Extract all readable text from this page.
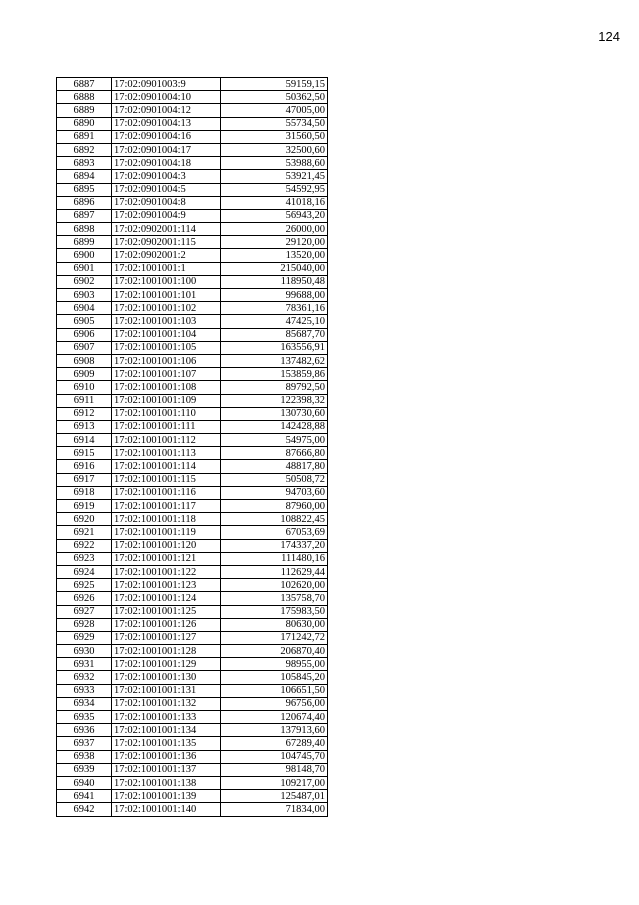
124
6887	17:02:0901003:9	59159,15
6888	17:02:0901004:10	50362,50
6889	17:02:0901004:12	47005,00
6890	17:02:0901004:13	55734,50
6891	17:02:0901004:16	31560,50
6892	17:02:0901004:17	32500,60
6893	17:02:0901004:18	53988,60
6894	17:02:0901004:3	53921,45
6895	17:02:0901004:5	54592,95
6896	17:02:0901004:8	41018,16
6897	17:02:0901004:9	56943,20
6898	17:02:0902001:114	26000,00
6899	17:02:0902001:115	29120,00
6900	17:02:0902001:2	13520,00
6901	17:02:1001001:1	215040,00
6902	17:02:1001001:100	118950,48
6903	17:02:1001001:101	99688,00
6904	17:02:1001001:102	78361,16
6905	17:02:1001001:103	47425,10
6906	17:02:1001001:104	85687,70
6907	17:02:1001001:105	163556,91
6908	17:02:1001001:106	137482,62
6909	17:02:1001001:107	153859,86
6910	17:02:1001001:108	89792,50
6911	17:02:1001001:109	122398,32
6912	17:02:1001001:110	130730,60
6913	17:02:1001001:111	142428,88
6914	17:02:1001001:112	54975,00
6915	17:02:1001001:113	87666,80
6916	17:02:1001001:114	48817,80
6917	17:02:1001001:115	50508,72
6918	17:02:1001001:116	94703,60
6919	17:02:1001001:117	87960,00
6920	17:02:1001001:118	108822,45
6921	17:02:1001001:119	67053,69
6922	17:02:1001001:120	174337,20
6923	17:02:1001001:121	111480,16
6924	17:02:1001001:122	112629,44
6925	17:02:1001001:123	102620,00
6926	17:02:1001001:124	135758,70
6927	17:02:1001001:125	175983,50
6928	17:02:1001001:126	80630,00
6929	17:02:1001001:127	171242,72
6930	17:02:1001001:128	206870,40
6931	17:02:1001001:129	98955,00
6932	17:02:1001001:130	105845,20
6933	17:02:1001001:131	106651,50
6934	17:02:1001001:132	96756,00
6935	17:02:1001001:133	120674,40
6936	17:02:1001001:134	137913,60
6937	17:02:1001001:135	67289,40
6938	17:02:1001001:136	104745,70
6939	17:02:1001001:137	98148,70
6940	17:02:1001001:138	109217,00
6941	17:02:1001001:139	125487,01
6942	17:02:1001001:140	71834,00
